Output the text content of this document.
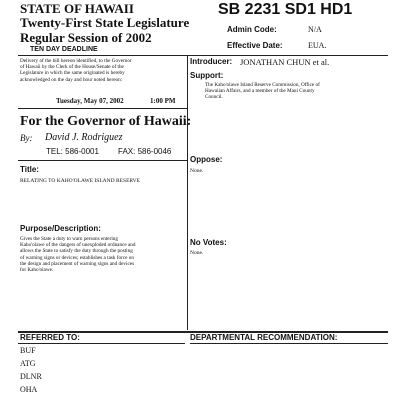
STATE OF HAWAII
Twenty-First State Legislature
Regular Session of 2002
TEN DAY DEADLINE
SB 2231 SD1 HD1
Admin Code:	N/A
Effective Date:	EUA.
Delivery of the bill hereon identified, to the Governor
of Hawaii by the Clerk of the House/Senate of the
Legislature in which the same originated is hereby
acknowledged on the day and hour noted hereon:
Tuesday, May 07, 2002	1:00 PM
Introducer: JONATHAN CHUN et al.
Support:
The Kaho'olawe Island Reserve Commission, Office of
Hawaiian Affairs, and a member of the Maui County
Council.
For the Governor of Hawaii:
By: David J. Rodriguez
TEL: 586-0001 FAX: 586-0046
Oppose:
None.
Title:
RELATING TO KAHO'OLAWE ISLAND RESERVE
Purpose/Description:
Gives the State a duty to warn persons entering
Kaho'olawe of the dangers of unexploded ordnance and
allows the State to satisfy the duty through the posting
of warning signs or devices; establishes a task force on
the design and placement of warning signs and devices
for Kaho'olawe.
No Votes:
None.
REFERRED TO:	DEPARTMENTAL RECOMMENDATION:
BUF
ATG
DLNR
OHA
